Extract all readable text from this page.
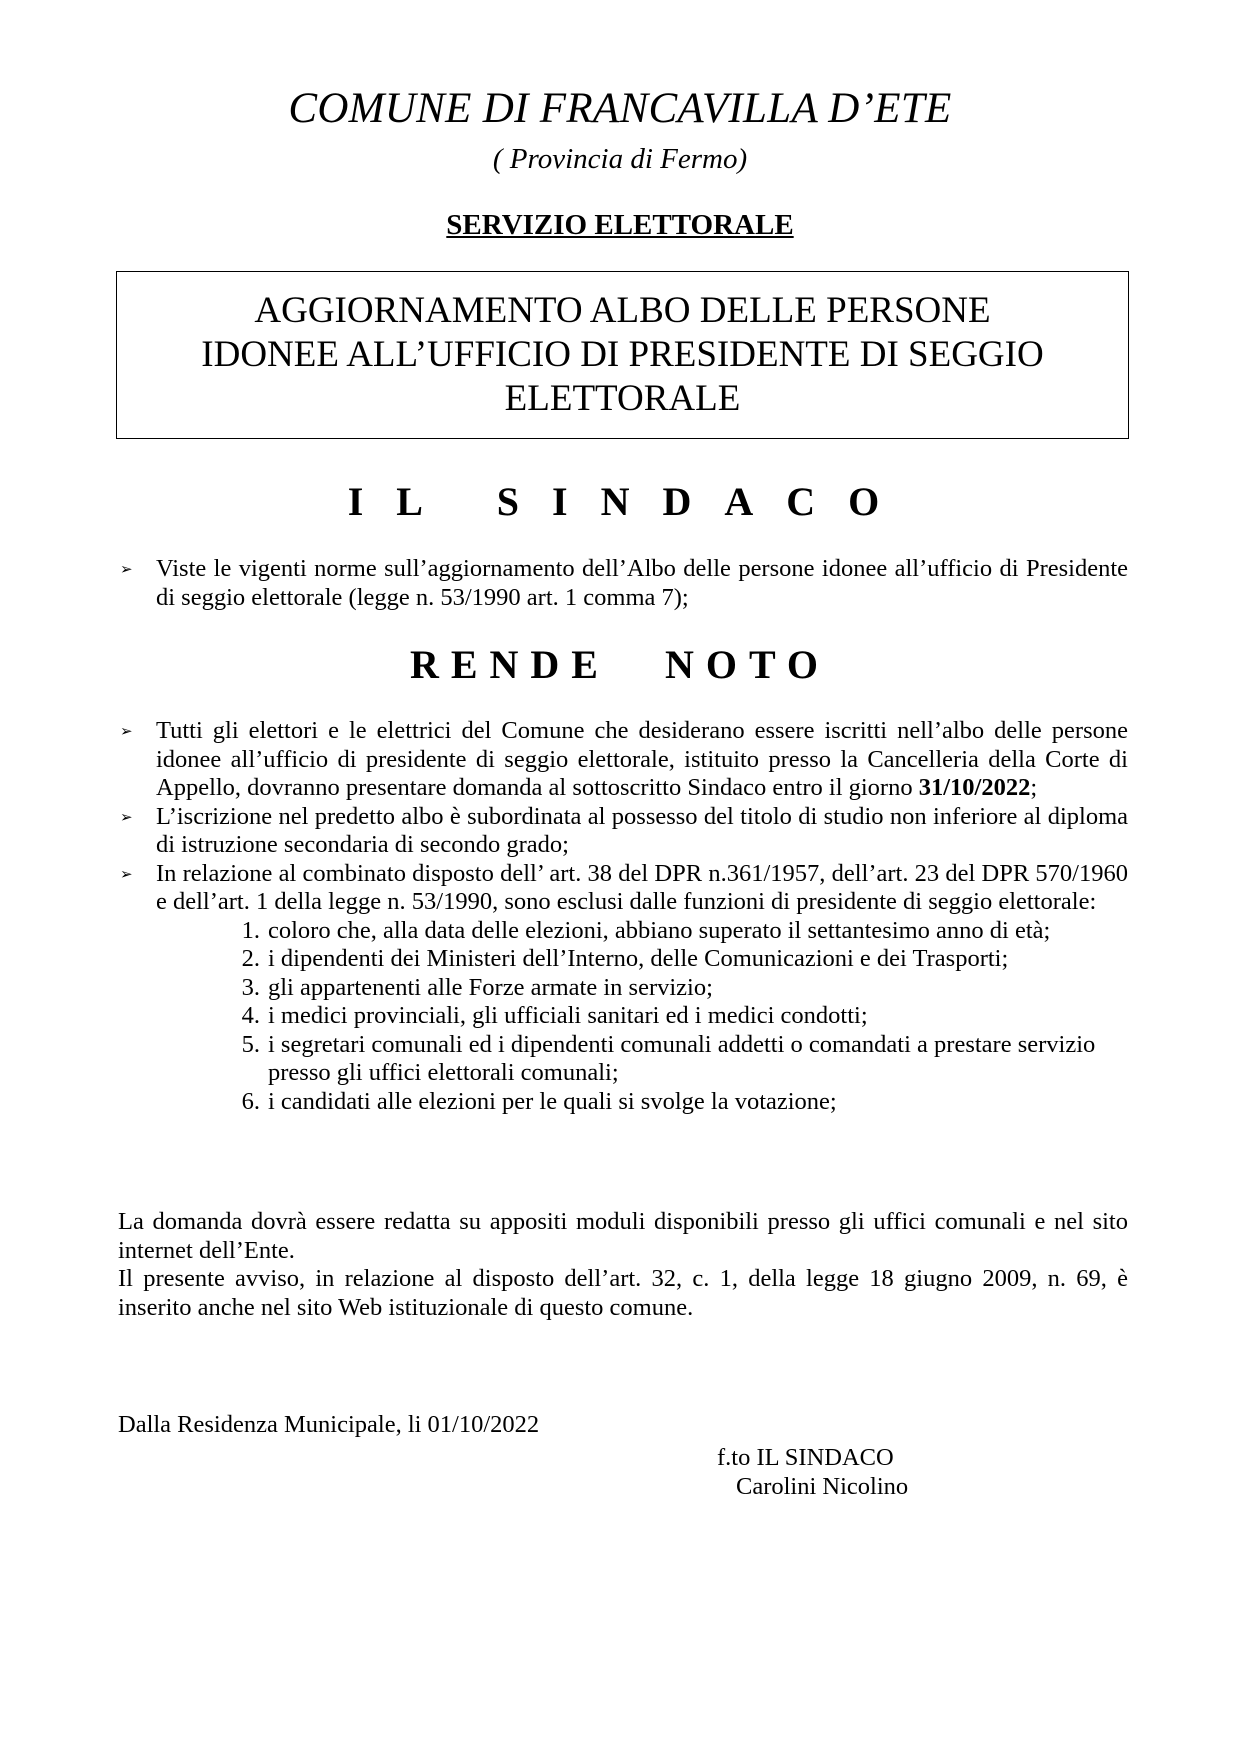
COMUNE DI FRANCAVILLA D’ETE
( Provincia di Fermo)
SERVIZIO ELETTORALE
AGGIORNAMENTO ALBO DELLE PERSONE
IDONEE ALL’UFFICIO DI PRESIDENTE DI SEGGIO
ELETTORALE
IL SINDACO
➢ Viste le vigenti norme sull’aggiornamento dell’Albo delle persone idonee all’ufficio di Presidente di seggio elettorale (legge n. 53/1990 art. 1 comma 7);
RENDE NOTO
➢ Tutti gli elettori e le elettrici del Comune che desiderano essere iscritti nell’albo delle persone idonee all’ufficio di presidente di seggio elettorale, istituito presso la Cancelleria della Corte di Appello, dovranno presentare domanda al sottoscritto Sindaco entro il giorno 31/10/2022;
➢ L’iscrizione nel predetto albo è subordinata al possesso del titolo di studio non inferiore al diploma di istruzione secondaria di secondo grado;
➢ In relazione al combinato disposto dell’ art. 38 del DPR n.361/1957, dell’art. 23 del DPR 570/1960 e dell’art. 1 della legge n. 53/1990, sono esclusi dalle funzioni di presidente di seggio elettorale:
1. coloro che, alla data delle elezioni, abbiano superato il settantesimo anno di età;
2. i dipendenti dei Ministeri dell’Interno, delle Comunicazioni e dei Trasporti;
3. gli appartenenti alle Forze armate in servizio;
4. i medici provinciali, gli ufficiali sanitari ed i medici condotti;
5. i segretari comunali ed i dipendenti comunali addetti o comandati a prestare servizio presso gli uffici elettorali comunali;
6. i candidati alle elezioni per le quali si svolge la votazione;

La domanda dovrà essere redatta su appositi moduli disponibili presso gli uffici comunali e nel sito internet dell’Ente.

Il presente avviso, in relazione al disposto dell’art. 32, c. 1, della legge 18 giugno 2009, n. 69, è inserito anche nel sito Web istituzionale di questo comune.

Dalla Residenza Municipale, li 01/10/2022
f.to IL SINDACO
Carolini Nicolino
